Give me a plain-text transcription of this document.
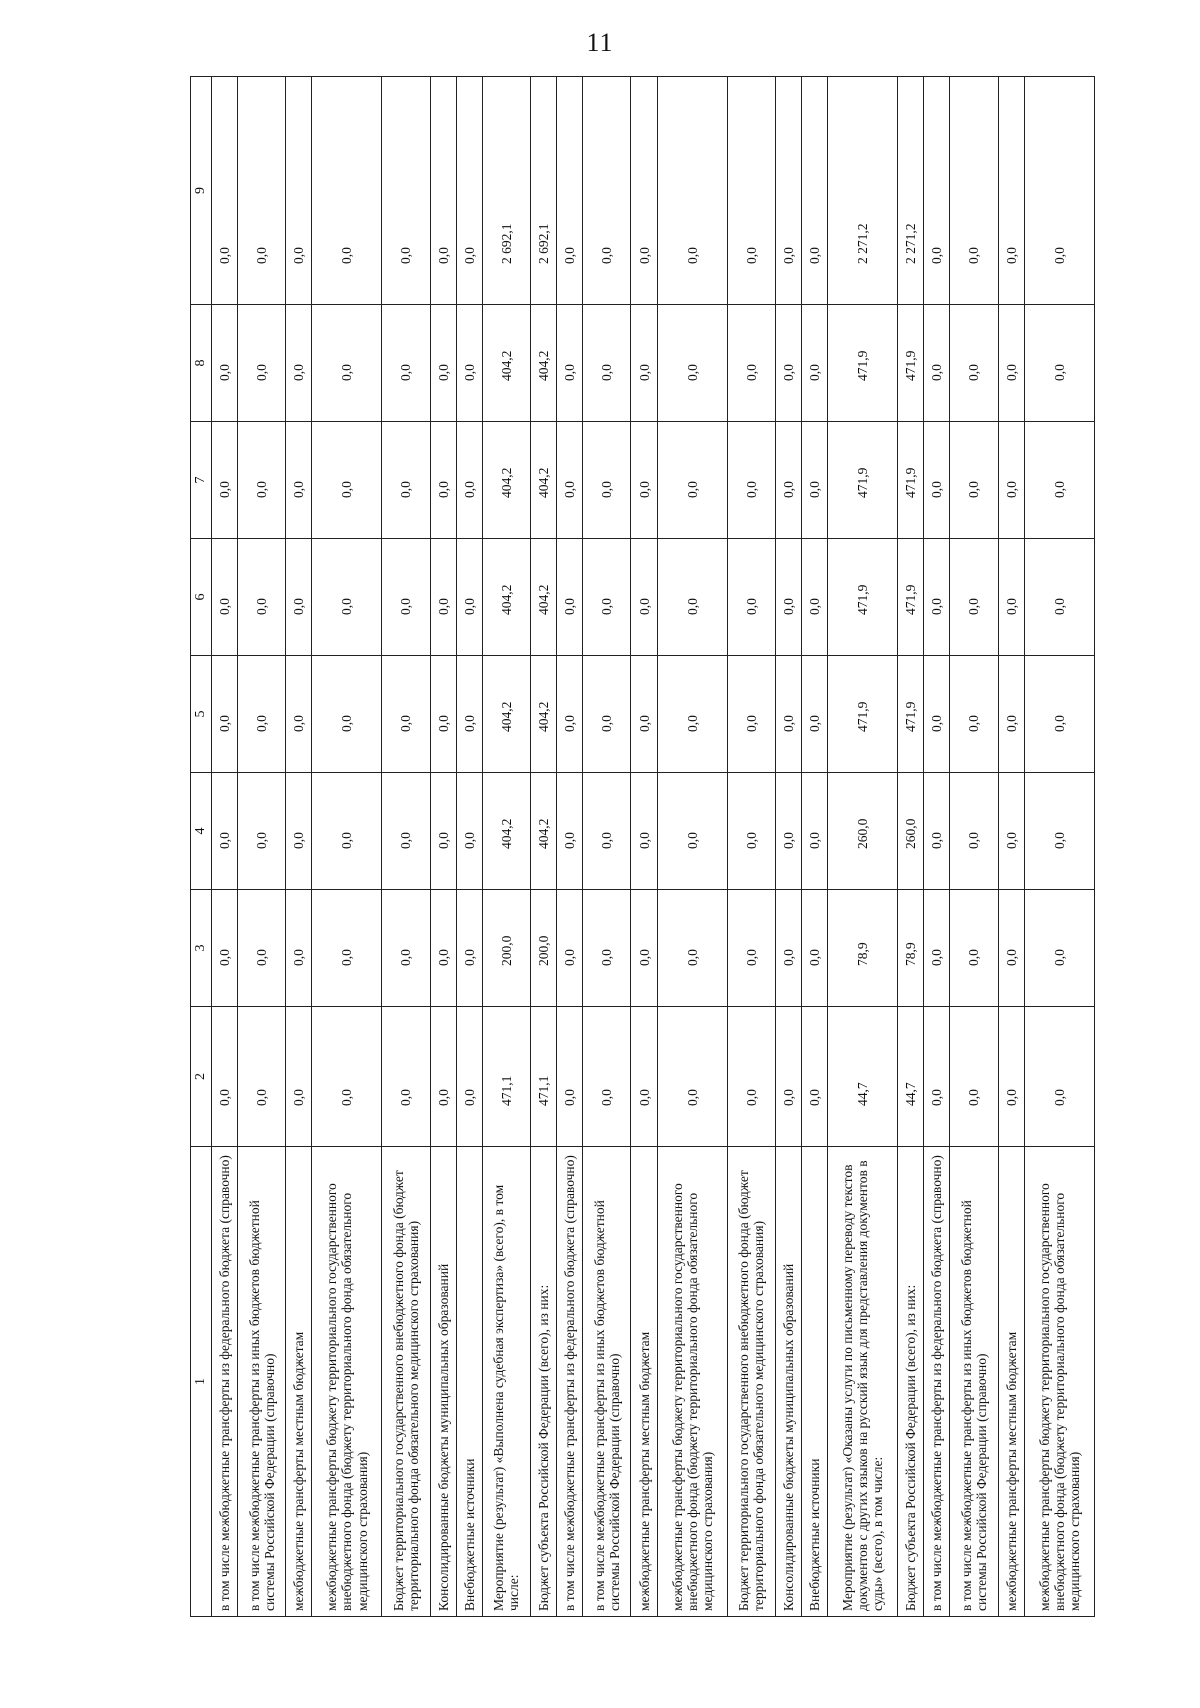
11
1	2	3	4	5	6	7	8	9
в том числе межбюджетные трансферты из федерального бюджета (справочно)	0,0	0,0	0,0	0,0	0,0	0,0	0,0	0,0
в том числе межбюджетные трансферты из иных бюджетов бюджетной системы Российской Федерации (справочно)	0,0	0,0	0,0	0,0	0,0	0,0	0,0	0,0
межбюджетные трансферты местным бюджетам	0,0	0,0	0,0	0,0	0,0	0,0	0,0	0,0
межбюджетные трансферты бюджету территориального государственного внебюджетного фонда (бюджету территориального фонда обязательного медицинского страхования)	0,0	0,0	0,0	0,0	0,0	0,0	0,0	0,0
Бюджет территориального государственного внебюджетного фонда (бюджет территориального фонда обязательного медицинского страхования)	0,0	0,0	0,0	0,0	0,0	0,0	0,0	0,0
Консолидированные бюджеты муниципальных образований	0,0	0,0	0,0	0,0	0,0	0,0	0,0	0,0
Внебюджетные источники	0,0	0,0	0,0	0,0	0,0	0,0	0,0	0,0
Мероприятие (результат) «Выполнена судебная экспертиза» (всего), в том числе:	471,1	200,0	404,2	404,2	404,2	404,2	404,2	2 692,1
Бюджет субъекта Российской Федерации (всего), из них:	471,1	200,0	404,2	404,2	404,2	404,2	404,2	2 692,1
в том числе межбюджетные трансферты из федерального бюджета (справочно)	0,0	0,0	0,0	0,0	0,0	0,0	0,0	0,0
в том числе межбюджетные трансферты из иных бюджетов бюджетной системы Российской Федерации (справочно)	0,0	0,0	0,0	0,0	0,0	0,0	0,0	0,0
межбюджетные трансферты местным бюджетам	0,0	0,0	0,0	0,0	0,0	0,0	0,0	0,0
межбюджетные трансферты бюджету территориального государственного внебюджетного фонда (бюджету территориального фонда обязательного медицинского страхования)	0,0	0,0	0,0	0,0	0,0	0,0	0,0	0,0
Бюджет территориального государственного внебюджетного фонда (бюджет территориального фонда обязательного медицинского страхования)	0,0	0,0	0,0	0,0	0,0	0,0	0,0	0,0
Консолидированные бюджеты муниципальных образований	0,0	0,0	0,0	0,0	0,0	0,0	0,0	0,0
Внебюджетные источники	0,0	0,0	0,0	0,0	0,0	0,0	0,0	0,0
Мероприятие (результат) «Оказаны услуги по письменному переводу текстов документов с других языков на русский язык для представления документов в суды» (всего), в том числе:	44,7	78,9	260,0	471,9	471,9	471,9	471,9	2 271,2
Бюджет субъекта Российской Федерации (всего), из них:	44,7	78,9	260,0	471,9	471,9	471,9	471,9	2 271,2
в том числе межбюджетные трансферты из федерального бюджета (справочно)	0,0	0,0	0,0	0,0	0,0	0,0	0,0	0,0
в том числе межбюджетные трансферты из иных бюджетов бюджетной системы Российской Федерации (справочно)	0,0	0,0	0,0	0,0	0,0	0,0	0,0	0,0
межбюджетные трансферты местным бюджетам	0,0	0,0	0,0	0,0	0,0	0,0	0,0	0,0
межбюджетные трансферты бюджету территориального государственного внебюджетного фонда (бюджету территориального фонда обязательного медицинского страхования)	0,0	0,0	0,0	0,0	0,0	0,0	0,0	0,0
